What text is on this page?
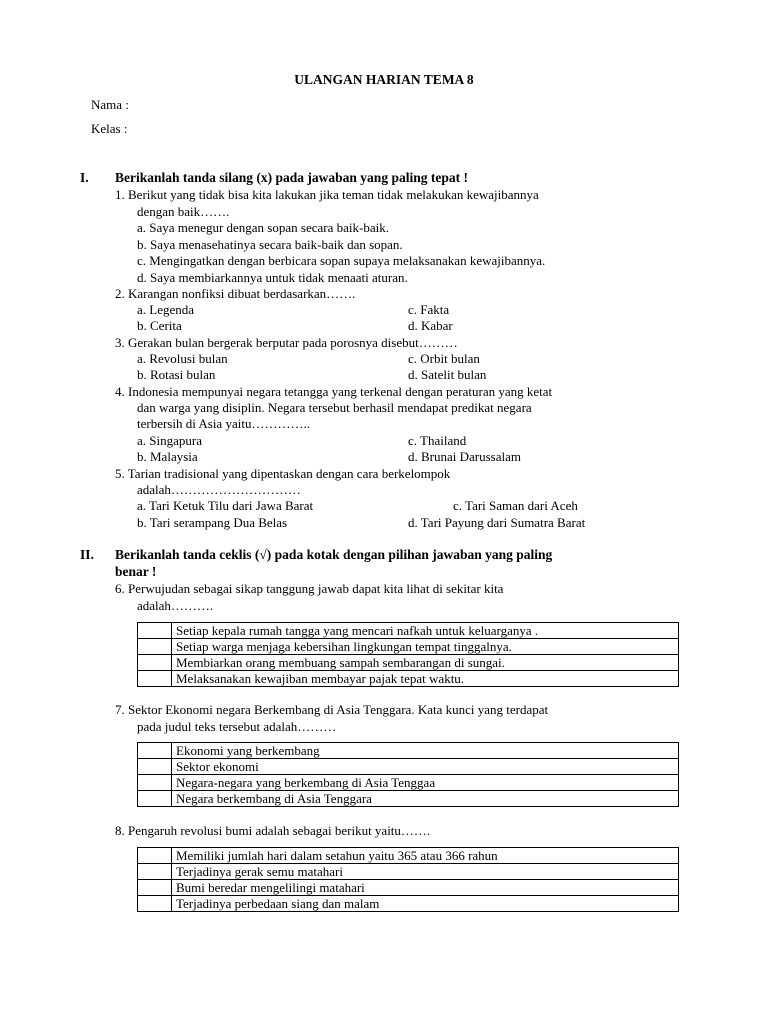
ULANGAN HARIAN TEMA 8
Nama :
Kelas :
I. Berikanlah tanda silang (x) pada jawaban yang paling tepat !
1. Berikut yang tidak bisa kita lakukan jika teman tidak melakukan kewajibannya
dengan baik…….
a. Saya menegur dengan sopan secara baik-baik.
b. Saya menasehatinya secara baik-baik dan sopan.
c. Mengingatkan dengan berbicara sopan supaya melaksanakan kewajibannya.
d. Saya membiarkannya untuk tidak menaati aturan.
2. Karangan nonfiksi dibuat berdasarkan…….
a. Legenda	c. Fakta
b. Cerita	d. Kabar
3. Gerakan bulan bergerak berputar pada porosnya disebut………
a. Revolusi bulan	c. Orbit bulan
b. Rotasi bulan	d. Satelit bulan
4. Indonesia mempunyai negara tetangga yang terkenal dengan peraturan yang ketat
dan warga yang disiplin. Negara tersebut berhasil mendapat predikat negara
terbersih di Asia yaitu…………..
a. Singapura	c. Thailand
b. Malaysia	d. Brunai Darussalam
5. Tarian tradisional yang dipentaskan dengan cara berkelompok
adalah…………………………
a. Tari Ketuk Tilu dari Jawa Barat	c. Tari Saman dari Aceh
b. Tari serampang Dua Belas	d. Tari Payung dari Sumatra Barat
II. Berikanlah tanda ceklis (√) pada kotak dengan pilihan jawaban yang paling
benar !
6. Perwujudan sebagai sikap tanggung jawab dapat kita lihat di sekitar kita
adalah……….
	Setiap kepala rumah tangga yang mencari nafkah untuk keluarganya .
	Setiap warga menjaga kebersihan lingkungan tempat tinggalnya.
	Membiarkan orang membuang sampah sembarangan di sungai.
	Melaksanakan kewajiban membayar pajak tepat waktu.
7. Sektor Ekonomi negara Berkembang di Asia Tenggara. Kata kunci yang terdapat
pada judul teks tersebut adalah………
	Ekonomi yang berkembang
	Sektor ekonomi
	Negara-negara yang berkembang di Asia Tenggaa
	Negara berkembang di Asia Tenggara
8. Pengaruh revolusi bumi adalah sebagai berikut yaitu…….
	Memiliki jumlah hari dalam setahun yaitu 365 atau 366 rahun
	Terjadinya gerak semu matahari
	Bumi beredar mengelilingi matahari
	Terjadinya perbedaan siang dan malam
